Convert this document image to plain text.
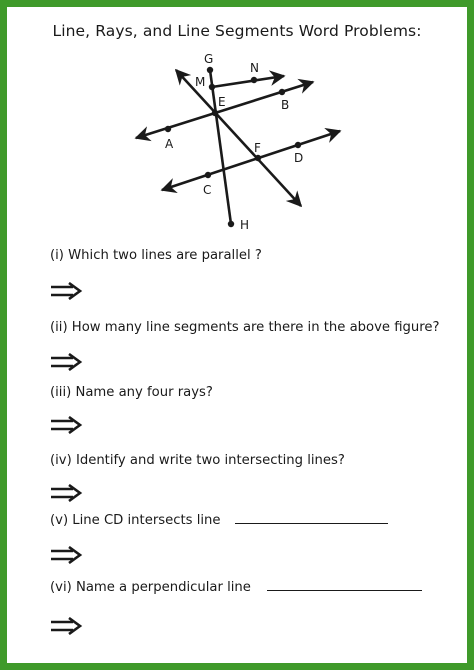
Line, Rays, and Line Segments Word Problems:
G
M
N
E	B
A	F
D
C
H
(i) Which two lines are parallel ?
(ii) How many line segments are there in the above figure?
(iii) Name any four rays?
(iv) Identify and write two intersecting lines?
(v) Line CD intersects line
(vi) Name a perpendicular line
